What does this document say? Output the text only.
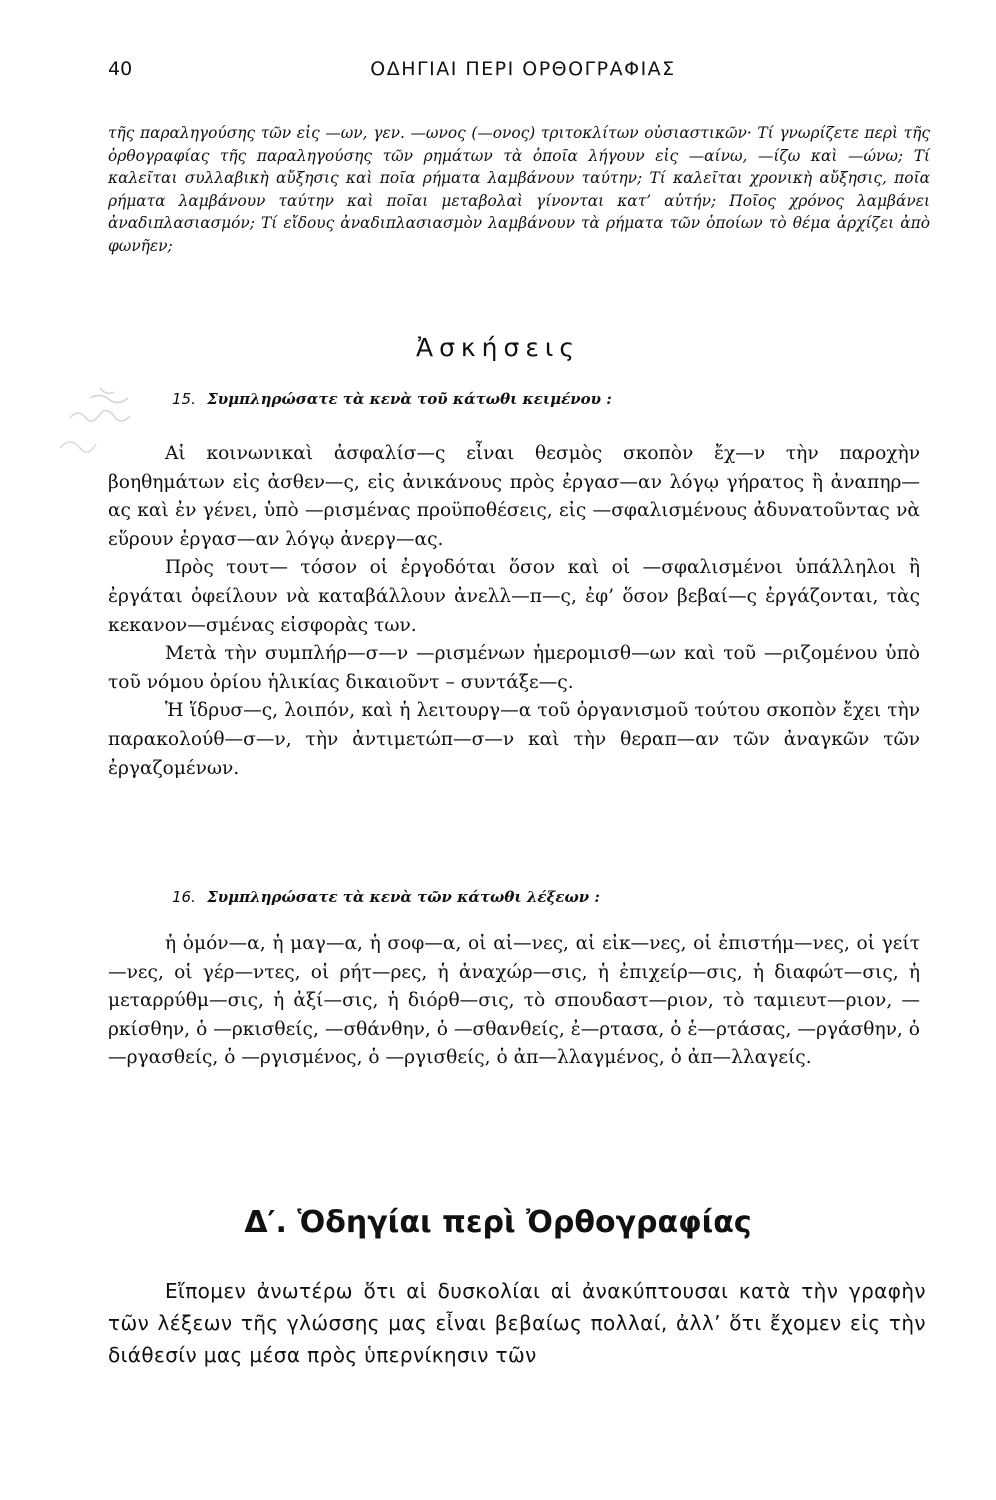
40	ΟΔΗΓΙΑΙ ΠΕΡΙ ΟΡΘΟΓΡΑΦΙΑΣ

τῆς παραληγούσης τῶν εἰς —ων, γεν. —ωνος (—ονος) τριτοκλίτων οὐσιαστικῶν· Τί γνωρίζετε περὶ τῆς ὀρθογραφίας τῆς παραληγούσης τῶν ρημάτων τὰ ὁποῖα λήγουν εἰς —αίνω, —ίζω καὶ —ώνω; Τί καλεῖται συλλαβικὴ αὔξησις καὶ ποῖα ρήματα λαμβάνουν ταύτην; Τί καλεῖται χρονικὴ αὔξησις, ποῖα ρήματα λαμβάνουν ταύτην καὶ ποῖαι μεταβολαὶ γίνονται κατ’ αὐτήν; Ποῖος χρόνος λαμβάνει ἀναδιπλασιασμόν; Τί εἴδους ἀναδιπλασιασμὸν λαμβάνουν τὰ ρήματα τῶν ὁποίων τὸ θέμα ἀρχίζει ἀπὸ φωνῆεν;

Ἀσκήσεις
15. Συμπληρώσατε τὰ κενὰ τοῦ κάτωθι κειμένου :

Αἱ κοινωνικαὶ ἀσφαλίσ—ς εἶναι θεσμὸς σκοπὸν ἔχ—ν τὴν παροχὴν βοηθημάτων εἰς ἀσθεν—ς, εἰς ἀνικάνους πρὸς ἐργασ—αν λόγῳ γήρατος ἢ ἀναπηρ—ας καὶ ἐν γένει, ὑπὸ —ρισμένας προϋποθέσεις, εἰς —σφαλισμένους ἀδυνατοῦντας νὰ εὕρουν ἐργασ—αν λόγῳ ἀνεργ—ας.

Πρὸς τουτ— τόσον οἱ ἐργοδόται ὅσον καὶ οἱ —σφαλισμένοι ὑπάλληλοι ἢ ἐργάται ὀφείλουν νὰ καταβάλλουν ἀνελλ—π—ς, ἐφ’ ὅσον βεβαί—ς ἐργάζονται, τὰς κεκανον—σμένας εἰσφορὰς των.

Μετὰ τὴν συμπλήρ—σ—ν —ρισμένων ἡμερομισθ—ων καὶ τοῦ —ριζομένου ὑπὸ τοῦ νόμου ὁρίου ἡλικίας δικαιοῦντ – συντάξε—ς.

Ἡ ἵδρυσ—ς, λοιπόν, καὶ ἡ λειτουργ—α τοῦ ὀργανισμοῦ τούτου σκοπὸν ἔχει τὴν παρακολούθ—σ—ν, τὴν ἀντιμετώπ—σ—ν καὶ τὴν θεραπ—αν τῶν ἀναγκῶν τῶν ἐργαζομένων.

16. Συμπληρώσατε τὰ κενὰ τῶν κάτωθι λέξεων :

ἡ ὁμόν—α, ἡ μαγ—α, ἡ σοφ—α, οἱ αἰ—νες, αἱ εἰκ—νες, οἱ ἐπιστήμ—νες, οἱ γείτ—νες, οἱ γέρ—ντες, οἱ ρήτ—ρες, ἡ ἀναχώρ—σις, ἡ ἐπιχείρ—σις, ἡ διαφώτ—σις, ἡ μεταρρύθμ—σις, ἡ ἀξί—σις, ἡ διόρθ—σις, τὸ σπουδαστ—ριον, τὸ ταμιευτ—ριον, —ρκίσθην, ὁ —ρκισθείς, —σθάνθην, ὁ —σθανθείς, ἐ—ρτασα, ὁ ἑ—ρτάσας, —ργάσθην, ὁ —ργασθείς, ὁ —ργισμένος, ὁ —ργισθείς, ὁ ἀπ—λλαγμένος, ὁ ἀπ—λλαγείς.

Δ′. Ὁδηγίαι περὶ Ὀρθογραφίας

Εἴπομεν ἀνωτέρω ὅτι αἱ δυσκολίαι αἱ ἀνακύπτουσαι κατὰ τὴν γραφὴν τῶν λέξεων τῆς γλώσσης μας εἶναι βεβαίως πολλαί, ἀλλ’ ὅτι ἔχομεν εἰς τὴν διάθεσίν μας μέσα πρὸς ὑπερνίκησιν τῶν
